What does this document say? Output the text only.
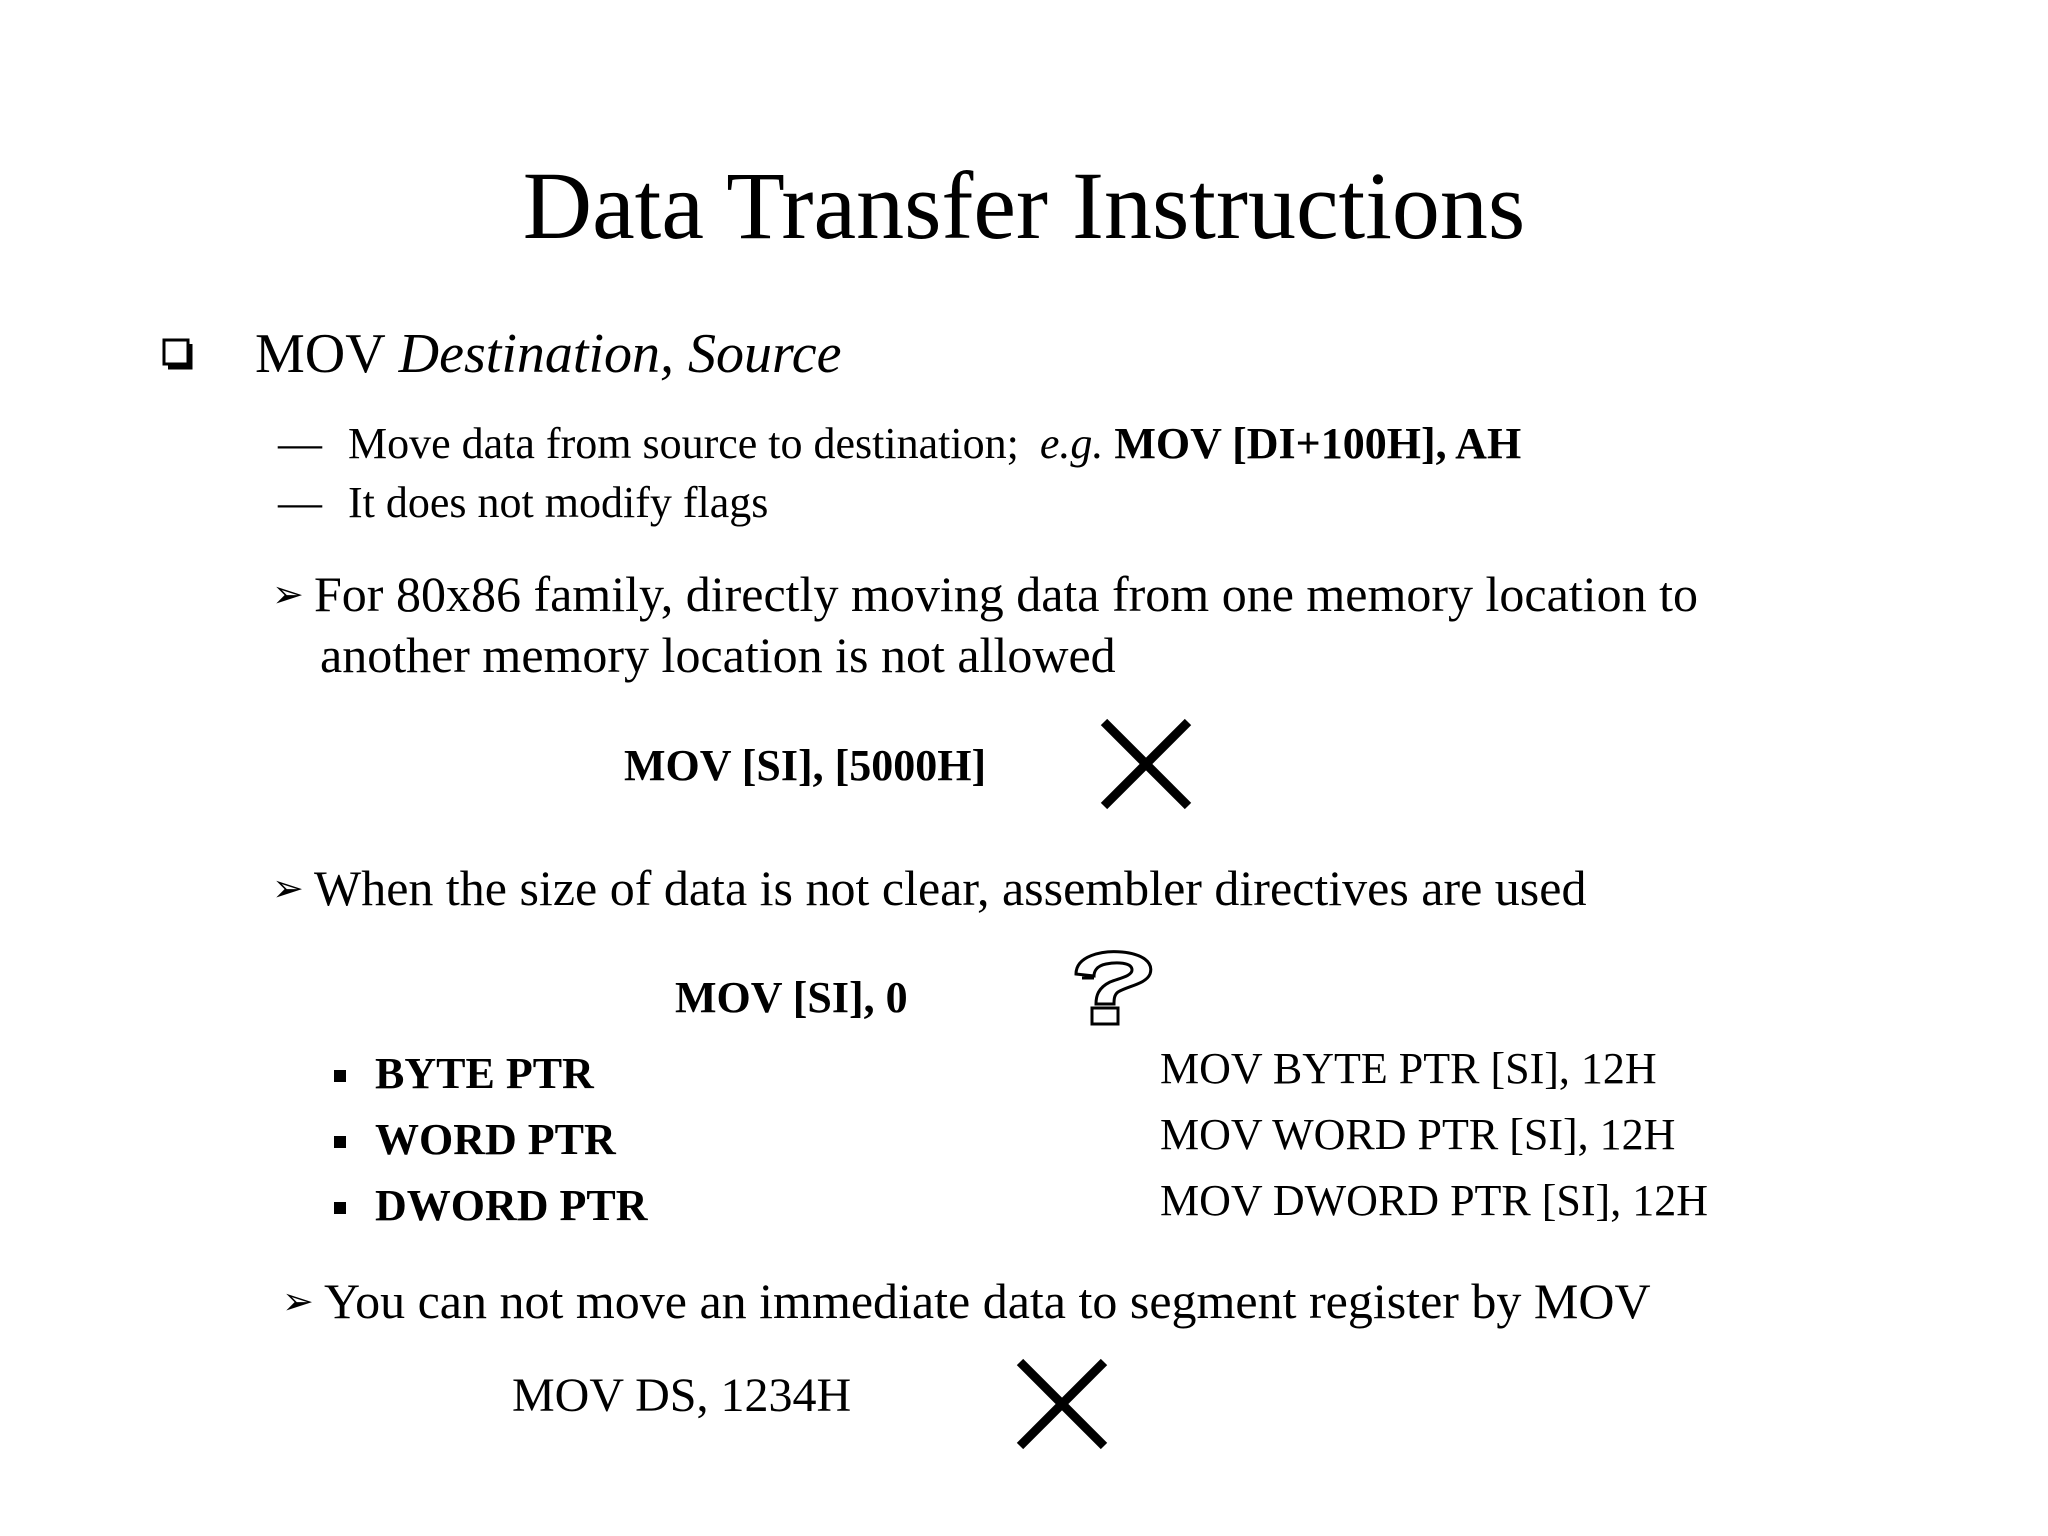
Data Transfer Instructions
MOV Destination, Source
— Move data from source to destination; e.g. MOV [DI+100H], AH
— It does not modify flags
➢ For 80x86 family, directly moving data from one memory location to
another memory location is not allowed
MOV [SI], [5000H]
➢ When the size of data is not clear, assembler directives are used
MOV [SI], 0
BYTE PTR
WORD PTR
DWORD PTR
MOV BYTE PTR [SI], 12H
MOV WORD PTR [SI], 12H
MOV DWORD PTR [SI], 12H
➢ You can not move an immediate data to segment register by MOV
MOV DS, 1234H
